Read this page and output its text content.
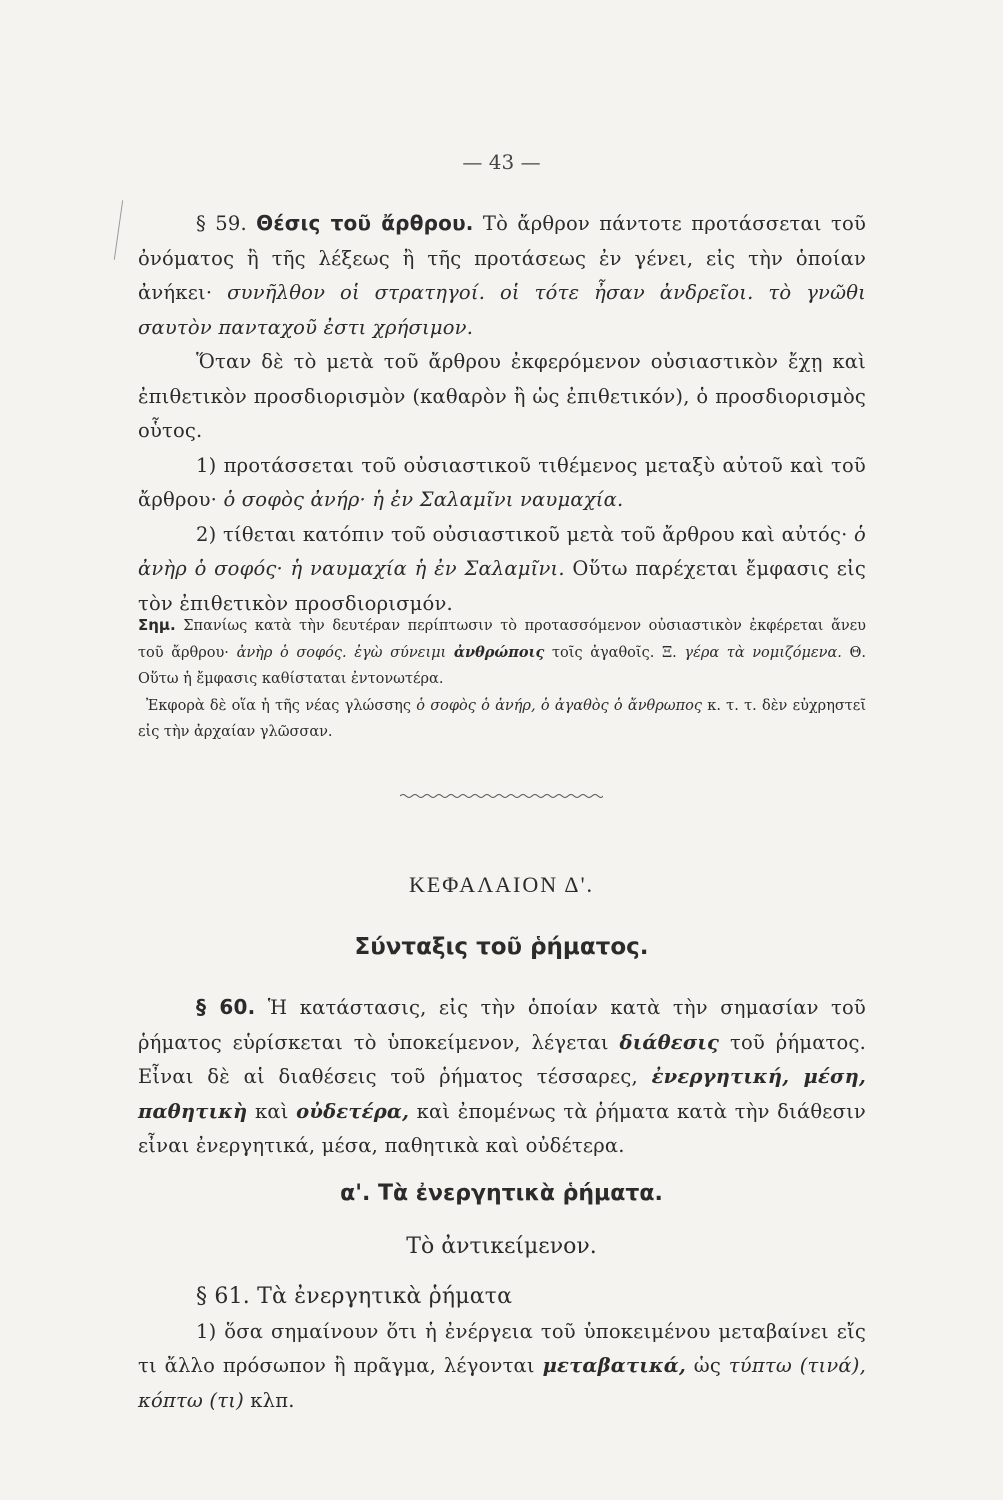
— 43 —

§ 59. Θέσις τοῦ ἄρθρου. Τὸ ἄρθρον πάντοτε προτάσσεται τοῦ ὀνόματος ἢ τῆς λέξεως ἢ τῆς προτάσεως ἐν γένει, εἰς τὴν ὁποίαν ἀνήκει· συνῆλθον οἱ στρατηγοί. οἱ τότε ἦσαν ἀνδρεῖοι. τὸ γνῶθι σαυτὸν πανταχοῦ ἐστι χρήσιμον.

Ὅταν δὲ τὸ μετὰ τοῦ ἄρθρου ἐκφερόμενον οὐσιαστικὸν ἔχῃ καὶ ἐπιθετικὸν προσδιορισμὸν (καθαρὸν ἢ ὡς ἐπιθετικόν), ὁ προσδιορισμὸς οὗτος.

1) προτάσσεται τοῦ οὐσιαστικοῦ τιθέμενος μεταξὺ αὐτοῦ καὶ τοῦ ἄρθρου· ὁ σοφὸς ἀνήρ· ἡ ἐν Σαλαμῖνι ναυμαχία.

2) τίθεται κατόπιν τοῦ οὐσιαστικοῦ μετὰ τοῦ ἄρθρου καὶ αὐτός· ὁ ἀνὴρ ὁ σοφός· ἡ ναυμαχία ἡ ἐν Σαλαμῖνι. Οὕτω παρέχεται ἔμφασις εἰς τὸν ἐπιθετικὸν προσδιορισμόν.

Σημ. Σπανίως κατὰ τὴν δευτέραν περίπτωσιν τὸ προτασσόμενον οὐσιαστικὸν ἐκφέρεται ἄνευ τοῦ ἄρθρου· ἀνὴρ ὁ σοφός. ἐγὼ σύνειμι ἀνθρώποις τοῖς ἀγαθοῖς. Ξ. γέρα τὰ νομιζόμενα. Θ. Οὕτω ἡ ἔμφασις καθίσταται ἐντονωτέρα.

Ἐκφορὰ δὲ οἵα ἡ τῆς νέας γλώσσης ὁ σοφὸς ὁ ἀνήρ, ὁ ἀγαθὸς ὁ ἄνθρωπος κ. τ. τ. δὲν εὐχρηστεῖ εἰς τὴν ἀρχαίαν γλῶσσαν.

ΚΕΦΑΛΑΙΟΝ Δ'.
Σύνταξις τοῦ ῥήματος.

§ 60. Ἡ κατάστασις, εἰς τὴν ὁποίαν κατὰ τὴν σημασίαν τοῦ ῥήματος εὑρίσκεται τὸ ὑποκείμενον, λέγεται διάθεσις τοῦ ῥήματος. Εἶναι δὲ αἱ διαθέσεις τοῦ ῥήματος τέσσαρες, ἐνεργητική, μέση, παθητικὴ καὶ οὐδετέρα, καὶ ἐπομένως τὰ ῥήματα κατὰ τὴν διάθεσιν εἶναι ἐνεργητικά, μέσα, παθητικὰ καὶ οὐδέτερα.

α'. Τὰ ἐνεργητικὰ ῥήματα.
Τὸ ἀντικείμενον.

§ 61. Τὰ ἐνεργητικὰ ῥήματα

1) ὅσα σημαίνουν ὅτι ἡ ἐνέργεια τοῦ ὑποκειμένου μεταβαίνει εἴς τι ἄλλο πρόσωπον ἢ πρᾶγμα, λέγονται μεταβατικά, ὡς τύπτω (τινά), κόπτω (τι) κλπ.
